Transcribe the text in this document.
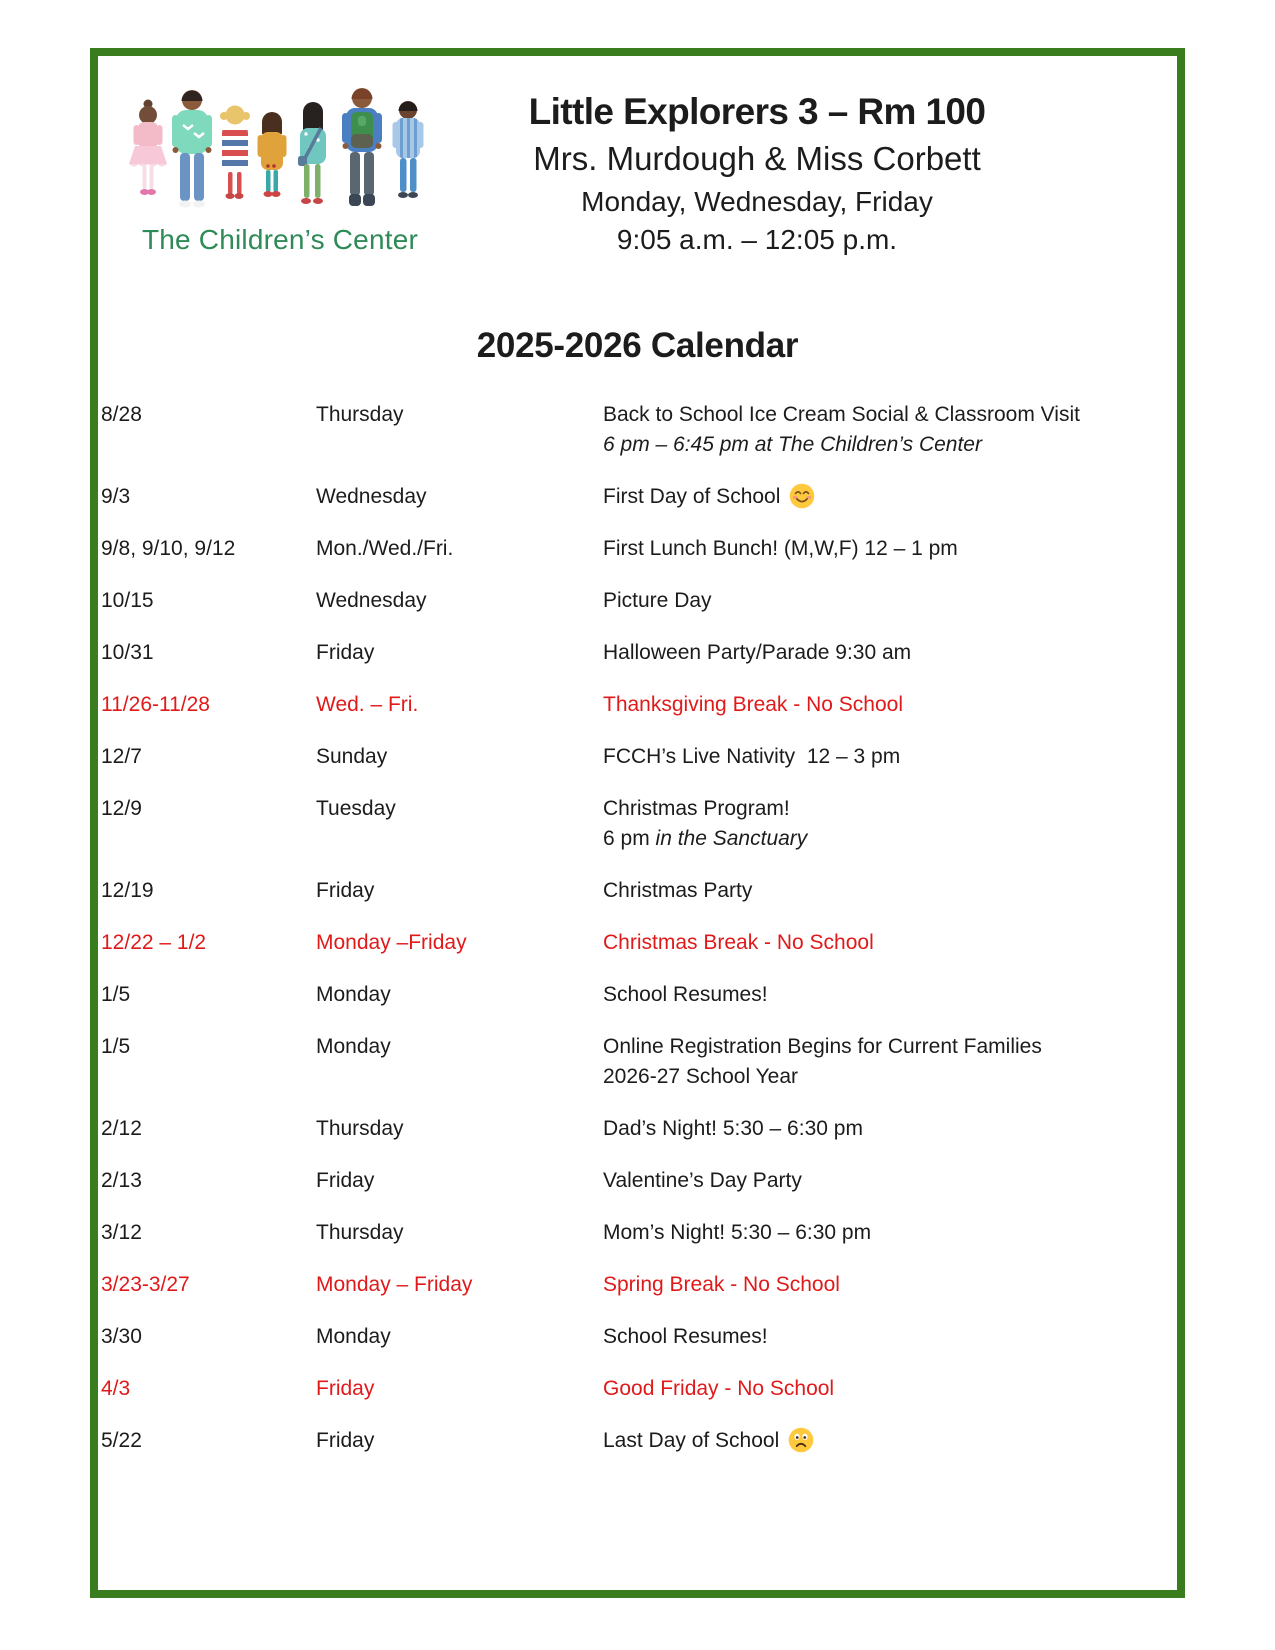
The Children’s Center
Little Explorers 3 – Rm 100
Mrs. Murdough & Miss Corbett
Monday, Wednesday, Friday
9:05 a.m. – 12:05 p.m.
2025-2026 Calendar
8/28	Thursday	Back to School Ice Cream Social & Classroom Visit
6 pm – 6:45 pm at The Children’s Center
9/3	Wednesday	First Day of School
9/8, 9/10, 9/12	Mon./Wed./Fri.	First Lunch Bunch! (M,W,F) 12 – 1 pm
10/15	Wednesday	Picture Day
10/31	Friday	Halloween Party/Parade 9:30 am
11/26-11/28	Wed. – Fri.	Thanksgiving Break - No School
12/7	Sunday	FCCH’s Live Nativity  12 – 3 pm
12/9	Tuesday	Christmas Program!
6 pm in the Sanctuary
12/19	Friday	Christmas Party
12/22 – 1/2	Monday –Friday	Christmas Break - No School
1/5	Monday	School Resumes!
1/5	Monday	Online Registration Begins for Current Families
2026-27 School Year
2/12	Thursday	Dad’s Night! 5:30 – 6:30 pm
2/13	Friday	Valentine’s Day Party
3/12	Thursday	Mom’s Night! 5:30 – 6:30 pm
3/23-3/27	Monday – Friday	Spring Break - No School
3/30	Monday	School Resumes!
4/3	Friday	Good Friday - No School
5/22	Friday	Last Day of School
